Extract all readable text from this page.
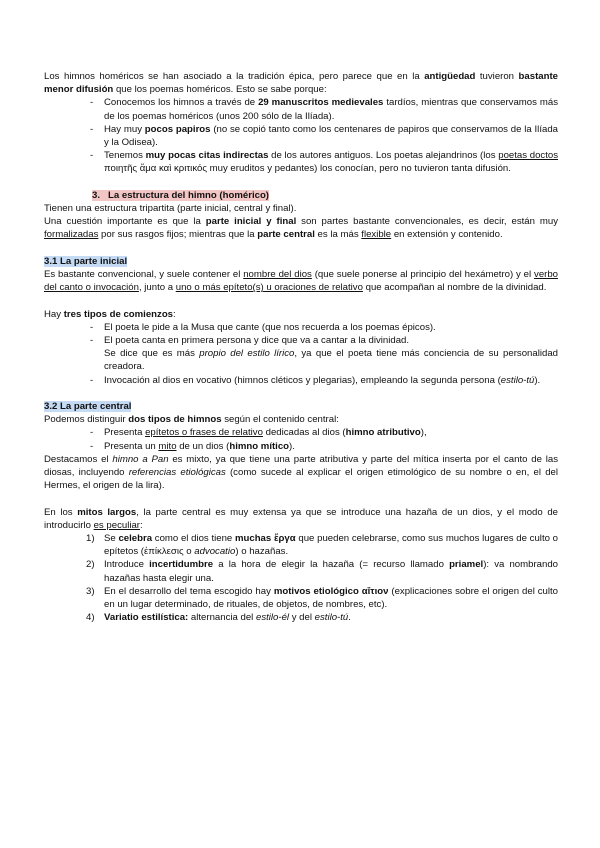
Los himnos homéricos se han asociado a la tradición épica, pero parece que en la antigüedad tuvieron bastante menor difusión que los poemas homéricos. Esto se sabe porque:

- Conocemos los himnos a través de 29 manuscritos medievales tardíos, mientras que conservamos más de los poemas homéricos (unos 200 sólo de la Ilíada).
- Hay muy pocos papiros (no se copió tanto como los centenares de papiros que conservamos de la Ilíada y la Odisea).
- Tenemos muy pocas citas indirectas de los autores antiguos. Los poetas alejandrinos (los poetas doctos ποιητῆς ἅμα καὶ κριτικός muy eruditos y pedantes) los conocían, pero no tuvieron tanta difusión.

3. La estructura del himno (homérico)

Tienen una estructura tripartita (parte inicial, central y final).

Una cuestión importante es que la parte inicial y final son partes bastante convencionales, es decir, están muy formalizadas por sus rasgos fijos; mientras que la parte central es la más flexible en extensión y contenido.

3.1 La parte inicial

Es bastante convencional, y suele contener el nombre del dios (que suele ponerse al principio del hexámetro) y el verbo del canto o invocación, junto a uno o más epíteto(s) u oraciones de relativo que acompañan al nombre de la divinidad.

Hay tres tipos de comienzos:

- El poeta le pide a la Musa que cante (que nos recuerda a los poemas épicos).
- El poeta canta en primera persona y dice que va a cantar a la divinidad.
Se dice que es más propio del estilo lírico, ya que el poeta tiene más conciencia de su personalidad creadora.
- Invocación al dios en vocativo (himnos cléticos y plegarias), empleando la segunda persona (estilo-tú).

3.2 La parte central

Podemos distinguir dos tipos de himnos según el contenido central:

- Presenta epítetos o frases de relativo dedicadas al dios (himno atributivo),
- Presenta un mito de un dios (himno mítico).

Destacamos el himno a Pan es mixto, ya que tiene una parte atributiva y parte del mítica inserta por el canto de las diosas, incluyendo referencias etiológicas (como sucede al explicar el origen etimológico de su nombre o en, el del Hermes, el origen de la lira).

En los mitos largos, la parte central es muy extensa ya que se introduce una hazaña de un dios, y el modo de introducirlo es peculiar:

1) Se celebra como el dios tiene muchas ἔργα que pueden celebrarse, como sus muchos lugares de culto o epítetos (ἐπίκλεσις o advocatio) o hazañas.
2) Introduce incertidumbre a la hora de elegir la hazaña (= recurso llamado priamel): va nombrando hazañas hasta elegir una.
3) En el desarrollo del tema escogido hay motivos etiológico αἴτιον (explicaciones sobre el origen del culto en un lugar determinado, de rituales, de objetos, de nombres, etc).
4) Variatio estilística: alternancia del estilo-él y del estilo-tú.
